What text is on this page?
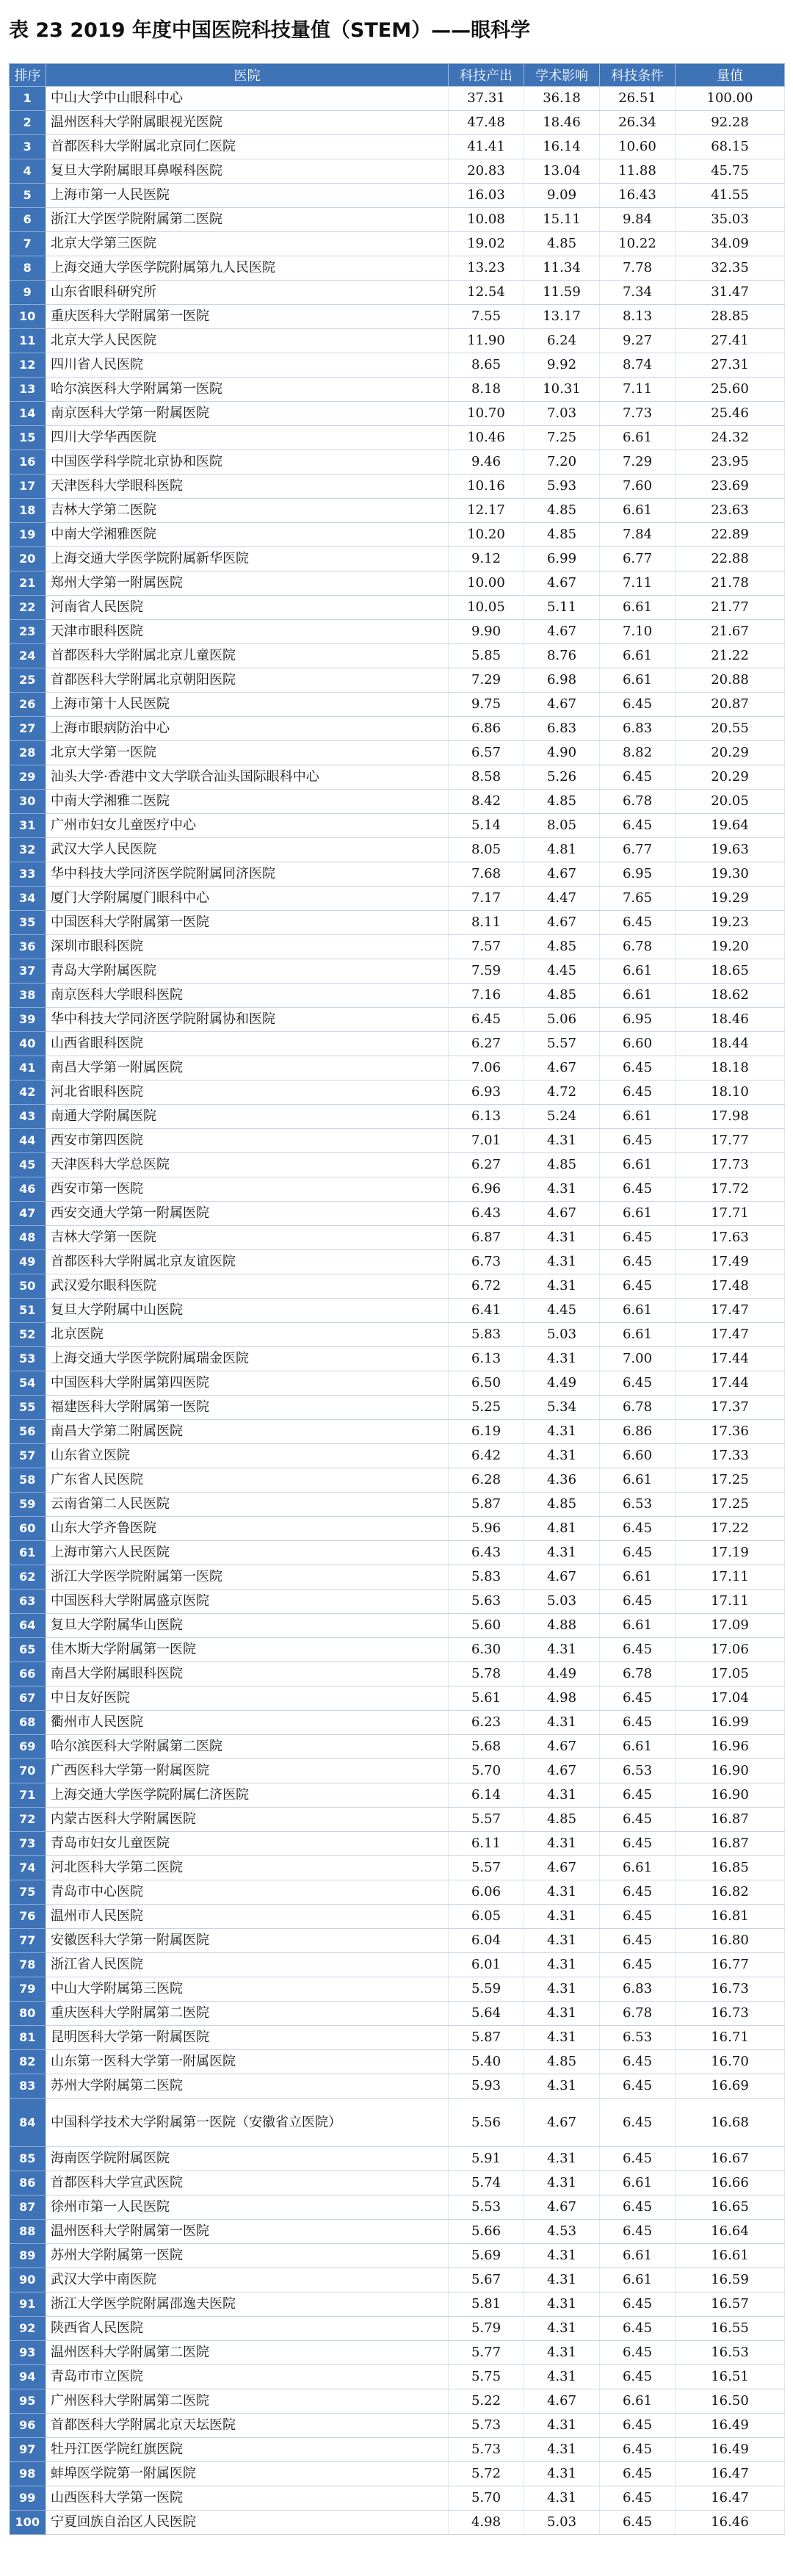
表 23 2019 年度中国医院科技量值（STEM）——眼科学
排序	医院	科技产出	学术影响	科技条件	量值
1	中山大学中山眼科中心	37.31	36.18	26.51	100.00
2	温州医科大学附属眼视光医院	47.48	18.46	26.34	92.28
3	首都医科大学附属北京同仁医院	41.41	16.14	10.60	68.15
4	复旦大学附属眼耳鼻喉科医院	20.83	13.04	11.88	45.75
5	上海市第一人民医院	16.03	9.09	16.43	41.55
6	浙江大学医学院附属第二医院	10.08	15.11	9.84	35.03
7	北京大学第三医院	19.02	4.85	10.22	34.09
8	上海交通大学医学院附属第九人民医院	13.23	11.34	7.78	32.35
9	山东省眼科研究所	12.54	11.59	7.34	31.47
10	重庆医科大学附属第一医院	7.55	13.17	8.13	28.85
11	北京大学人民医院	11.90	6.24	9.27	27.41
12	四川省人民医院	8.65	9.92	8.74	27.31
13	哈尔滨医科大学附属第一医院	8.18	10.31	7.11	25.60
14	南京医科大学第一附属医院	10.70	7.03	7.73	25.46
15	四川大学华西医院	10.46	7.25	6.61	24.32
16	中国医学科学院北京协和医院	9.46	7.20	7.29	23.95
17	天津医科大学眼科医院	10.16	5.93	7.60	23.69
18	吉林大学第二医院	12.17	4.85	6.61	23.63
19	中南大学湘雅医院	10.20	4.85	7.84	22.89
20	上海交通大学医学院附属新华医院	9.12	6.99	6.77	22.88
21	郑州大学第一附属医院	10.00	4.67	7.11	21.78
22	河南省人民医院	10.05	5.11	6.61	21.77
23	天津市眼科医院	9.90	4.67	7.10	21.67
24	首都医科大学附属北京儿童医院	5.85	8.76	6.61	21.22
25	首都医科大学附属北京朝阳医院	7.29	6.98	6.61	20.88
26	上海市第十人民医院	9.75	4.67	6.45	20.87
27	上海市眼病防治中心	6.86	6.83	6.83	20.55
28	北京大学第一医院	6.57	4.90	8.82	20.29
29	汕头大学·香港中文大学联合汕头国际眼科中心	8.58	5.26	6.45	20.29
30	中南大学湘雅二医院	8.42	4.85	6.78	20.05
31	广州市妇女儿童医疗中心	5.14	8.05	6.45	19.64
32	武汉大学人民医院	8.05	4.81	6.77	19.63
33	华中科技大学同济医学院附属同济医院	7.68	4.67	6.95	19.30
34	厦门大学附属厦门眼科中心	7.17	4.47	7.65	19.29
35	中国医科大学附属第一医院	8.11	4.67	6.45	19.23
36	深圳市眼科医院	7.57	4.85	6.78	19.20
37	青岛大学附属医院	7.59	4.45	6.61	18.65
38	南京医科大学眼科医院	7.16	4.85	6.61	18.62
39	华中科技大学同济医学院附属协和医院	6.45	5.06	6.95	18.46
40	山西省眼科医院	6.27	5.57	6.60	18.44
41	南昌大学第一附属医院	7.06	4.67	6.45	18.18
42	河北省眼科医院	6.93	4.72	6.45	18.10
43	南通大学附属医院	6.13	5.24	6.61	17.98
44	西安市第四医院	7.01	4.31	6.45	17.77
45	天津医科大学总医院	6.27	4.85	6.61	17.73
46	西安市第一医院	6.96	4.31	6.45	17.72
47	西安交通大学第一附属医院	6.43	4.67	6.61	17.71
48	吉林大学第一医院	6.87	4.31	6.45	17.63
49	首都医科大学附属北京友谊医院	6.73	4.31	6.45	17.49
50	武汉爱尔眼科医院	6.72	4.31	6.45	17.48
51	复旦大学附属中山医院	6.41	4.45	6.61	17.47
52	北京医院	5.83	5.03	6.61	17.47
53	上海交通大学医学院附属瑞金医院	6.13	4.31	7.00	17.44
54	中国医科大学附属第四医院	6.50	4.49	6.45	17.44
55	福建医科大学附属第一医院	5.25	5.34	6.78	17.37
56	南昌大学第二附属医院	6.19	4.31	6.86	17.36
57	山东省立医院	6.42	4.31	6.60	17.33
58	广东省人民医院	6.28	4.36	6.61	17.25
59	云南省第二人民医院	5.87	4.85	6.53	17.25
60	山东大学齐鲁医院	5.96	4.81	6.45	17.22
61	上海市第六人民医院	6.43	4.31	6.45	17.19
62	浙江大学医学院附属第一医院	5.83	4.67	6.61	17.11
63	中国医科大学附属盛京医院	5.63	5.03	6.45	17.11
64	复旦大学附属华山医院	5.60	4.88	6.61	17.09
65	佳木斯大学附属第一医院	6.30	4.31	6.45	17.06
66	南昌大学附属眼科医院	5.78	4.49	6.78	17.05
67	中日友好医院	5.61	4.98	6.45	17.04
68	衢州市人民医院	6.23	4.31	6.45	16.99
69	哈尔滨医科大学附属第二医院	5.68	4.67	6.61	16.96
70	广西医科大学第一附属医院	5.70	4.67	6.53	16.90
71	上海交通大学医学院附属仁济医院	6.14	4.31	6.45	16.90
72	内蒙古医科大学附属医院	5.57	4.85	6.45	16.87
73	青岛市妇女儿童医院	6.11	4.31	6.45	16.87
74	河北医科大学第二医院	5.57	4.67	6.61	16.85
75	青岛市中心医院	6.06	4.31	6.45	16.82
76	温州市人民医院	6.05	4.31	6.45	16.81
77	安徽医科大学第一附属医院	6.04	4.31	6.45	16.80
78	浙江省人民医院	6.01	4.31	6.45	16.77
79	中山大学附属第三医院	5.59	4.31	6.83	16.73
80	重庆医科大学附属第二医院	5.64	4.31	6.78	16.73
81	昆明医科大学第一附属医院	5.87	4.31	6.53	16.71
82	山东第一医科大学第一附属医院	5.40	4.85	6.45	16.70
83	苏州大学附属第二医院	5.93	4.31	6.45	16.69
84	中国科学技术大学附属第一医院（安徽省立医院）	5.56	4.67	6.45	16.68
85	海南医学院附属医院	5.91	4.31	6.45	16.67
86	首都医科大学宣武医院	5.74	4.31	6.61	16.66
87	徐州市第一人民医院	5.53	4.67	6.45	16.65
88	温州医科大学附属第一医院	5.66	4.53	6.45	16.64
89	苏州大学附属第一医院	5.69	4.31	6.61	16.61
90	武汉大学中南医院	5.67	4.31	6.61	16.59
91	浙江大学医学院附属邵逸夫医院	5.81	4.31	6.45	16.57
92	陕西省人民医院	5.79	4.31	6.45	16.55
93	温州医科大学附属第二医院	5.77	4.31	6.45	16.53
94	青岛市市立医院	5.75	4.31	6.45	16.51
95	广州医科大学附属第二医院	5.22	4.67	6.61	16.50
96	首都医科大学附属北京天坛医院	5.73	4.31	6.45	16.49
97	牡丹江医学院红旗医院	5.73	4.31	6.45	16.49
98	蚌埠医学院第一附属医院	5.72	4.31	6.45	16.47
99	山西医科大学第一医院	5.70	4.31	6.45	16.47
100	宁夏回族自治区人民医院	4.98	5.03	6.45	16.46
